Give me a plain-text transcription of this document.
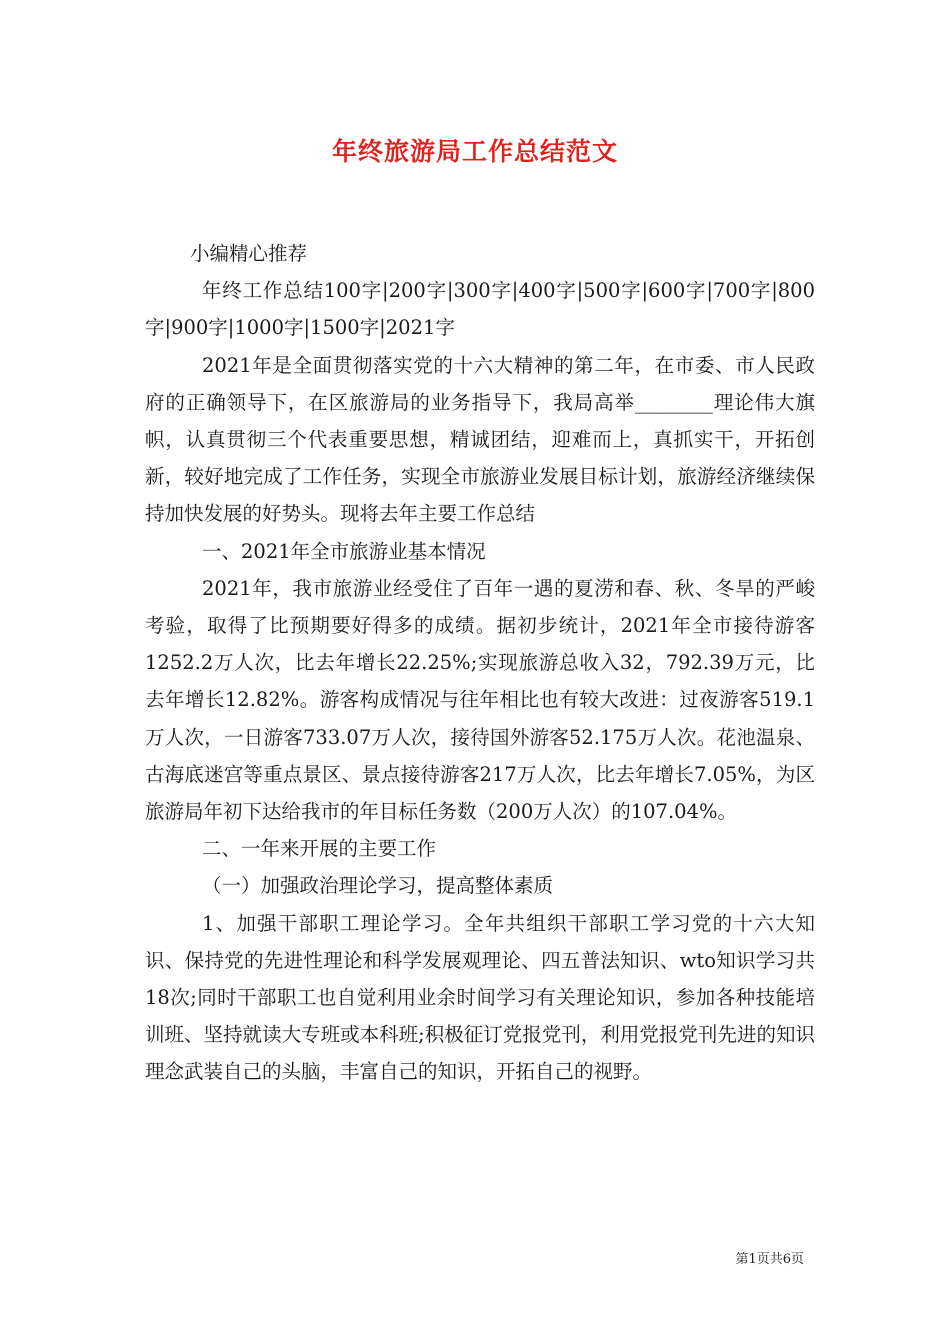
年终旅游局工作总结范文

小编精心推荐

年终工作总结100字|200字|300字|400字|500字|600字|700字|800字|900字|1000字|1500字|2021字

2021年是全面贯彻落实党的十六大精神的第二年，在市委、市人民政府的正确领导下，在区旅游局的业务指导下，我局高举________理论伟大旗帜，认真贯彻三个代表重要思想，精诚团结，迎难而上，真抓实干，开拓创新，较好地完成了工作任务，实现全市旅游业发展目标计划，旅游经济继续保持加快发展的好势头。现将去年主要工作总结

一、2021年全市旅游业基本情况

2021年，我市旅游业经受住了百年一遇的夏涝和春、秋、冬旱的严峻考验，取得了比预期要好得多的成绩。据初步统计，2021年全市接待游客1252.2万人次，比去年增长22.25%;实现旅游总收入32，792.39万元，比去年增长12.82%。游客构成情况与往年相比也有较大改进：过夜游客519.1万人次，一日游客733.07万人次，接待国外游客52.175万人次。花池温泉、古海底迷宫等重点景区、景点接待游客217万人次，比去年增长7.05%，为区旅游局年初下达给我市的年目标任务数（200万人次）的107.04%。

二、一年来开展的主要工作

（一）加强政治理论学习，提高整体素质

1、加强干部职工理论学习。全年共组织干部职工学习党的十六大知识、保持党的先进性理论和科学发展观理论、四五普法知识、wto知识学习共18次;同时干部职工也自觉利用业余时间学习有关理论知识，参加各种技能培训班、坚持就读大专班或本科班;积极征订党报党刊，利用党报党刊先进的知识理念武装自己的头脑，丰富自己的知识，开拓自己的视野。

第1页共6页
